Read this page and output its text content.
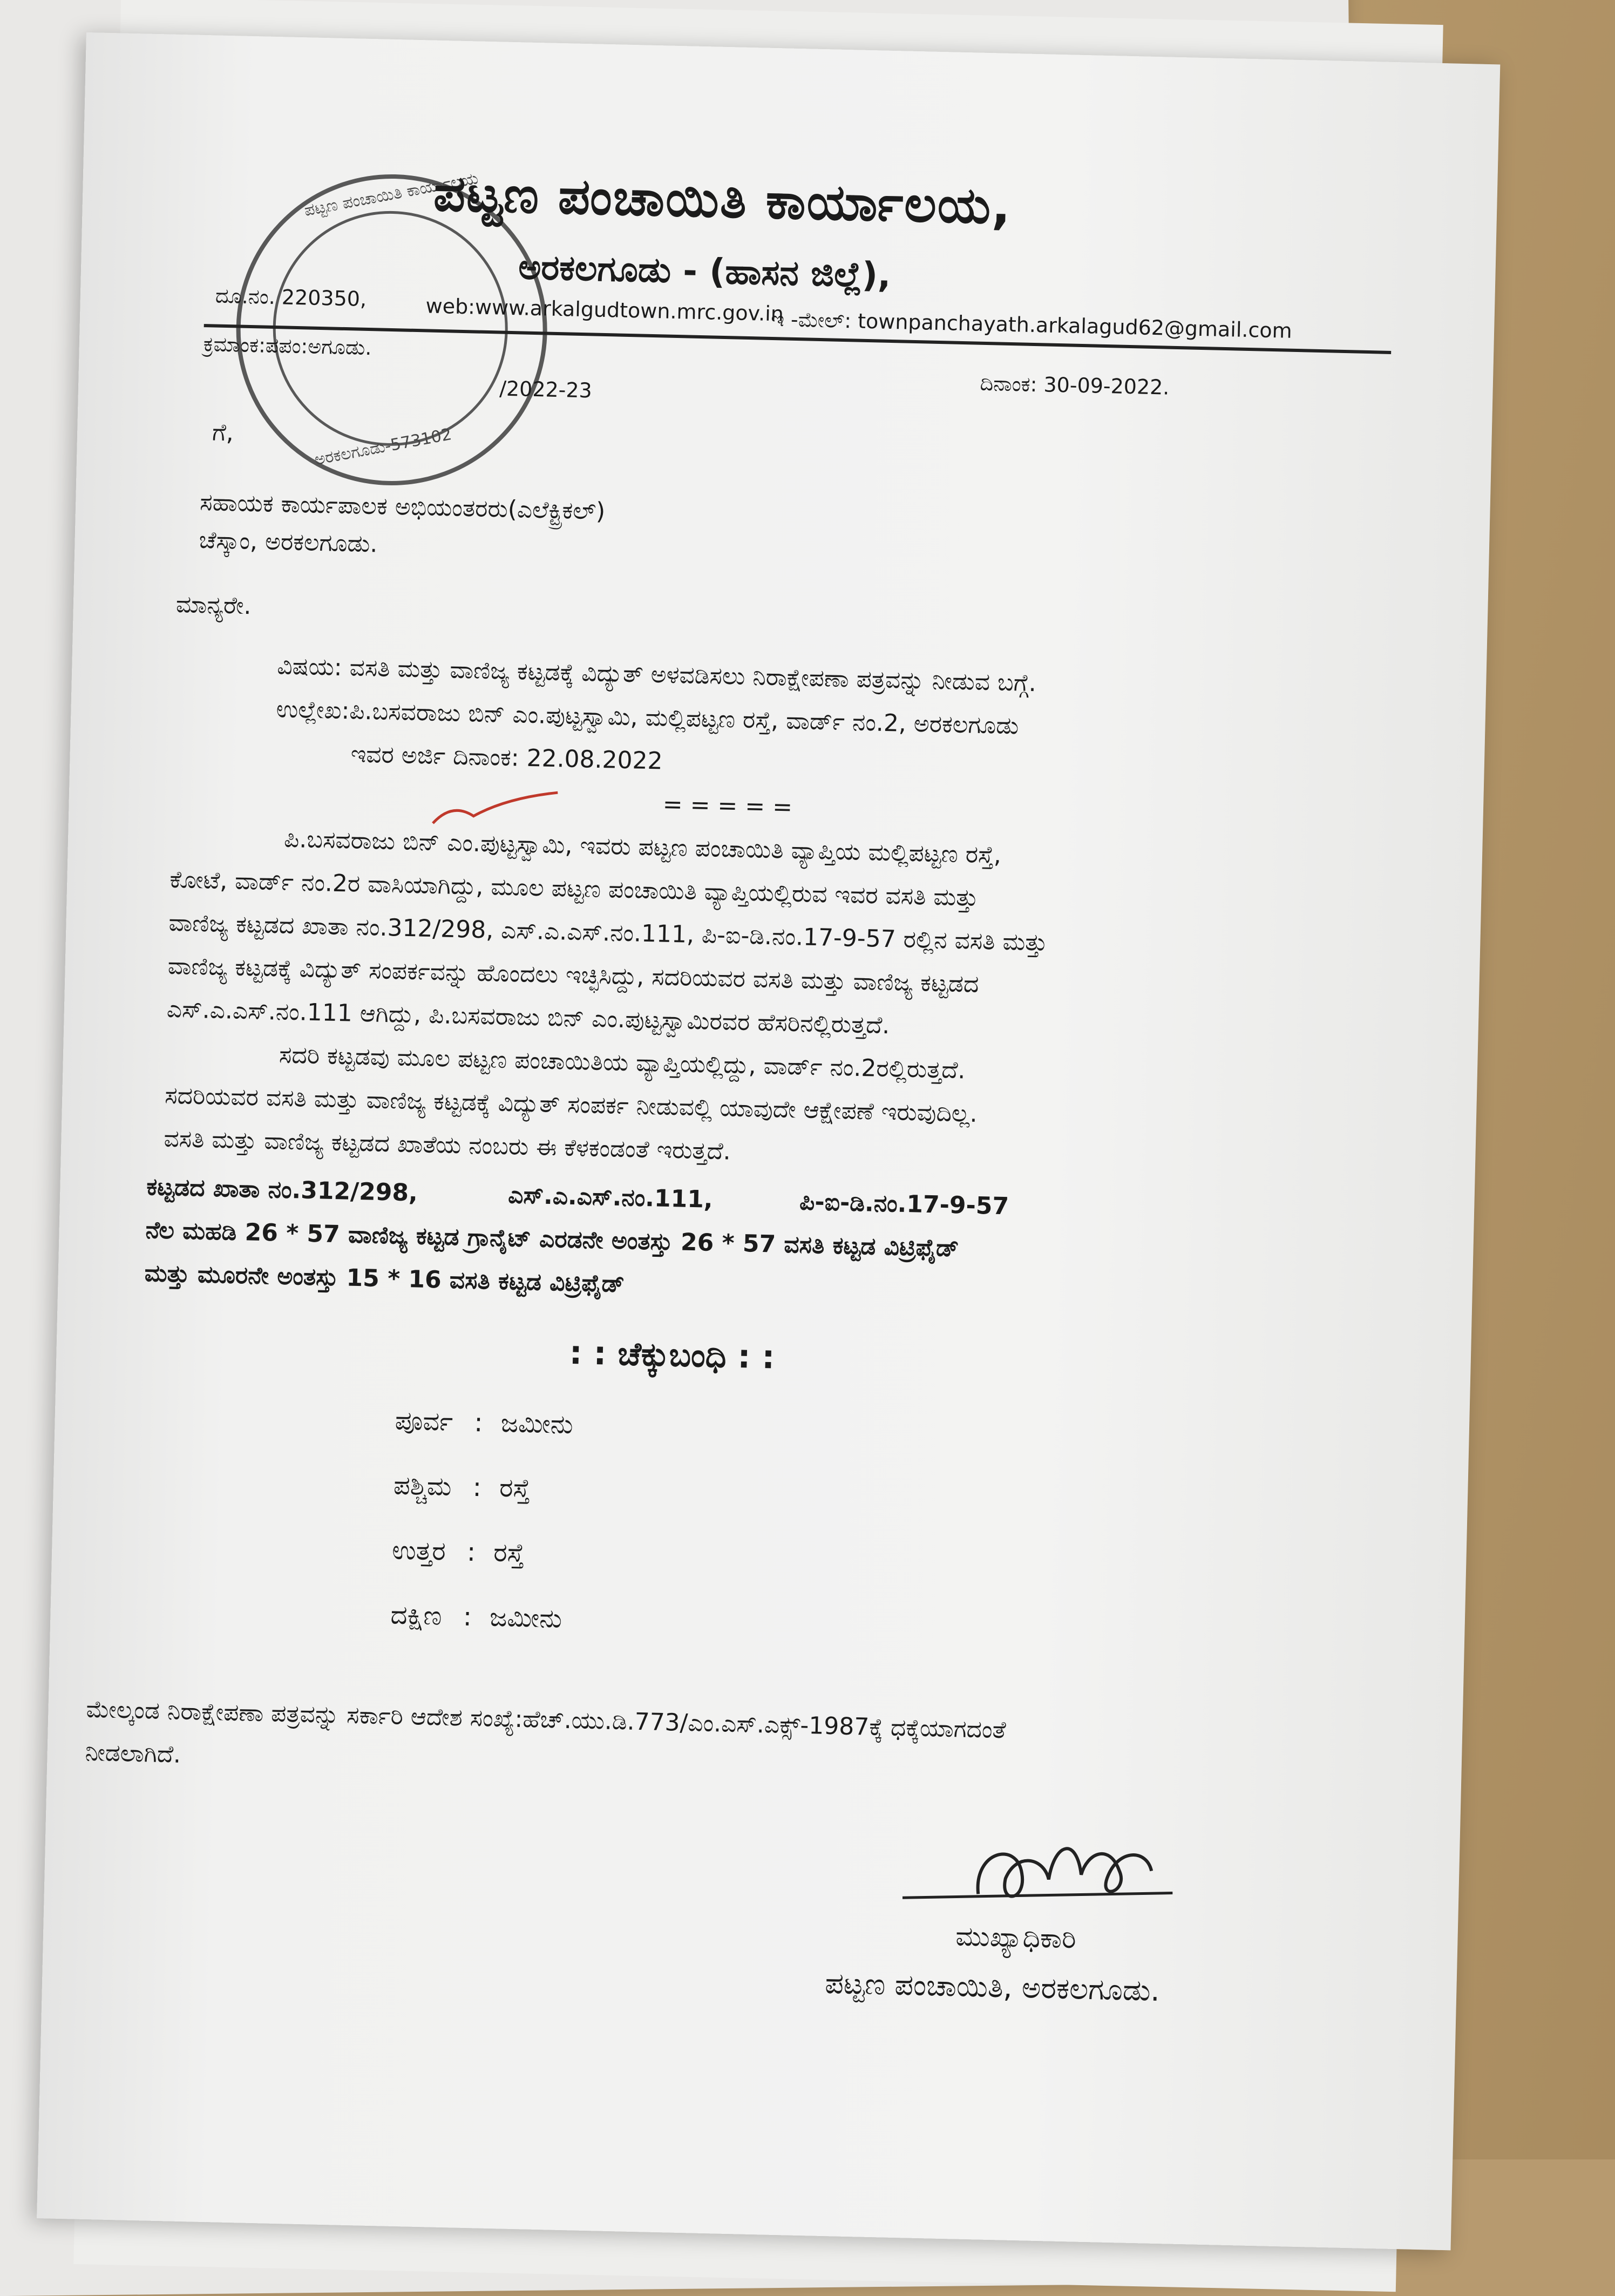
ಪಟ್ಟಣ ಪಂಚಾಯಿತಿ ಕಾರ್ಯಾಲಯ
ಅರಕಲಗೂಡು-573102
ಪಟ್ಟಣ ಪಂಚಾಯಿತಿ ಕಾರ್ಯಾಲಯ,
ಅರಕಲಗೂಡು - (ಹಾಸನ ಜಿಲ್ಲೆ),
ದೂ.ನಂ. 220350,	web:www.arkalgudtown.mrc.gov.in
ಇ -ಮೇಲ್: townpanchayath.arkalagud62@gmail.com
ಕ್ರಮಾಂಕ:ಪಪಂ:ಅಗೂಡು.
/2022-23	ದಿನಾಂಕ: 30-09-2022.
ಗೆ,
ಸಹಾಯಕ ಕಾರ್ಯಪಾಲಕ ಅಭಿಯಂತರರು(ಎಲೆಕ್ಟ್ರಿಕಲ್)
ಚೆಸ್ಕಾಂ, ಅರಕಲಗೂಡು.
ಮಾನ್ಯರೇ.
ವಿಷಯ: ವಸತಿ ಮತ್ತು ವಾಣಿಜ್ಯ ಕಟ್ಟಡಕ್ಕೆ ವಿದ್ಯುತ್ ಅಳವಡಿಸಲು ನಿರಾಕ್ಷೇಪಣಾ ಪತ್ರವನ್ನು ನೀಡುವ ಬಗ್ಗೆ.
ಉಲ್ಲೇಖ:ಪಿ.ಬಸವರಾಜು ಬಿನ್ ಎಂ.ಪುಟ್ಟಸ್ವಾಮಿ, ಮಲ್ಲಿಪಟ್ಟಣ ರಸ್ತೆ, ವಾರ್ಡ್ ನಂ.2, ಅರಕಲಗೂಡು
ಇವರ ಅರ್ಜಿ ದಿನಾಂಕ: 22.08.2022
= = = = =
ಪಿ.ಬಸವರಾಜು ಬಿನ್ ಎಂ.ಪುಟ್ಟಸ್ವಾಮಿ, ಇವರು ಪಟ್ಟಣ ಪಂಚಾಯಿತಿ ವ್ಯಾಪ್ತಿಯ ಮಲ್ಲಿಪಟ್ಟಣ ರಸ್ತೆ,
ಕೋಟೆ, ವಾರ್ಡ್ ನಂ.2ರ ವಾಸಿಯಾಗಿದ್ದು, ಮೂಲ ಪಟ್ಟಣ ಪಂಚಾಯಿತಿ ವ್ಯಾಪ್ತಿಯಲ್ಲಿರುವ ಇವರ ವಸತಿ ಮತ್ತು
ವಾಣಿಜ್ಯ ಕಟ್ಟಡದ ಖಾತಾ ನಂ.312/298, ಎಸ್.ಎ.ಎಸ್.ನಂ.111, ಪಿ-ಐ-ಡಿ.ನಂ.17-9-57 ರಲ್ಲಿನ ವಸತಿ ಮತ್ತು
ವಾಣಿಜ್ಯ ಕಟ್ಟಡಕ್ಕೆ ವಿದ್ಯುತ್ ಸಂಪರ್ಕವನ್ನು ಹೊಂದಲು ಇಚ್ಛಿಸಿದ್ದು, ಸದರಿಯವರ ವಸತಿ ಮತ್ತು ವಾಣಿಜ್ಯ ಕಟ್ಟಡದ
ಎಸ್.ಎ.ಎಸ್.ನಂ.111 ಆಗಿದ್ದು, ಪಿ.ಬಸವರಾಜು ಬಿನ್ ಎಂ.ಪುಟ್ಟಸ್ವಾಮಿರವರ ಹೆಸರಿನಲ್ಲಿರುತ್ತದೆ.
ಸದರಿ ಕಟ್ಟಡವು ಮೂಲ ಪಟ್ಟಣ ಪಂಚಾಯಿತಿಯ ವ್ಯಾಪ್ತಿಯಲ್ಲಿದ್ದು, ವಾರ್ಡ್ ನಂ.2ರಲ್ಲಿರುತ್ತದೆ.
ಸದರಿಯವರ ವಸತಿ ಮತ್ತು ವಾಣಿಜ್ಯ ಕಟ್ಟಡಕ್ಕೆ ವಿದ್ಯುತ್ ಸಂಪರ್ಕ ನೀಡುವಲ್ಲಿ ಯಾವುದೇ ಆಕ್ಷೇಪಣೆ ಇರುವುದಿಲ್ಲ.
ವಸತಿ ಮತ್ತು ವಾಣಿಜ್ಯ ಕಟ್ಟಡದ ಖಾತೆಯ ನಂಬರು ಈ ಕೆಳಕಂಡಂತೆ ಇರುತ್ತದೆ.
ಕಟ್ಟಡದ ಖಾತಾ ನಂ.312/298,	ಎಸ್.ಎ.ಎಸ್.ನಂ.111,	ಪಿ-ಐ-ಡಿ.ನಂ.17-9-57
ನೆಲ ಮಹಡಿ 26 * 57 ವಾಣಿಜ್ಯ ಕಟ್ಟಡ ಗ್ರಾನೈಟ್ ಎರಡನೇ ಅಂತಸ್ತು 26 * 57 ವಸತಿ ಕಟ್ಟಡ ವಿಟ್ರಿಫೈಡ್
ಮತ್ತು ಮೂರನೇ ಅಂತಸ್ತು 15 * 16 ವಸತಿ ಕಟ್ಟಡ ವಿಟ್ರಿಫೈಡ್
: : ಚೆಕ್ಕುಬಂಧಿ : :
ಪೂರ್ವ : ಜಮೀನು
ಪಶ್ಚಿಮ : ರಸ್ತೆ
ಉತ್ತರ : ರಸ್ತೆ
ದಕ್ಷಿಣ : ಜಮೀನು
ಮೇಲ್ಕಂಡ ನಿರಾಕ್ಷೇಪಣಾ ಪತ್ರವನ್ನು ಸರ್ಕಾರಿ ಆದೇಶ ಸಂಖ್ಯೆ:ಹೆಚ್.ಯು.ಡಿ.773/ಎಂ.ಎಸ್.ಎಕ್ಸ್-1987ಕ್ಕೆ ಧಕ್ಕೆಯಾಗದಂತೆ
ನೀಡಲಾಗಿದೆ.
ಮುಖ್ಯಾಧಿಕಾರಿ
ಪಟ್ಟಣ ಪಂಚಾಯಿತಿ, ಅರಕಲಗೂಡು.
